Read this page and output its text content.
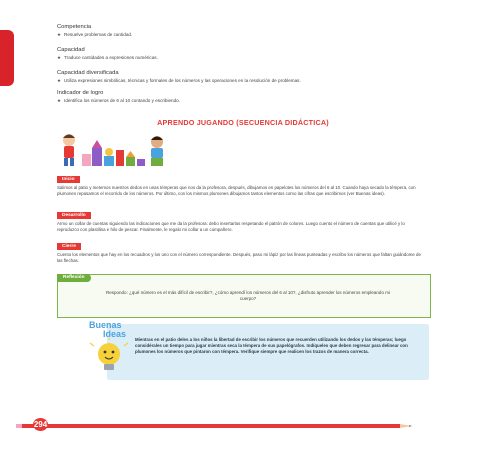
Competencia

★ Resuelve problemas de cantidad.

Capacidad

★ Traduce cantidades a expresiones numéricas.

Capacidad diversificada

★ Utiliza expresiones simbólicas, técnicas y formales de los números y las operaciones en la resolución de problemas.

Indicador de logro

★ Identifica los números de 6 al 10 contando y escribiendo.

APRENDO JUGANDO (SECUENCIA DIDÁCTICA)
Inicio

Salimos al patio y metemos nuestros dedos en unas témperas que nos da la profesora, después, dibujamos en papelotes los números del 6 al 10. Cuando haya secado la témpera, con plumones repasamos el recorrido de los números. Por último, con los mismos plumones dibujamos tantos elementos como las cifras que escribimos (ver Buenas ideas).

Desarrollo

Armo un collar de cuentas siguiendo las indicaciones que me da la profesora: debo insertarlas respetando el patrón de colores. Luego cuento el número de cuentas que utilicé y lo reproduzco con plastilina e hilo de pescar. Finalmente, le regalo mi collar a un compañero.

Cierre

Cuento los elementos que hay en los recuadros y los uno con el número correspondiente. Después, paso mi lápiz por las líneas punteadas y escribo los números que faltan guiándome de las flechas.

Reflexión

Respondo: ¿qué número es el más difícil de escribir?, ¿cómo aprendí los números del 6 al 10?, ¿disfruto aprender los números empleando mi cuerpo?

Buenas
Ideas

Mientras en el patio deles a los niños la libertad de escribir los números que recuerden utilizando los dedos y las témperas; luego considérales un tiempo para jugar mientras seca la témpera de sus papelógrafos. Indíqueles que deben regresar para delinear con plumones los números que pintaron con témpera. Verifique siempre que realicen los trazos de manera correcta.

294
